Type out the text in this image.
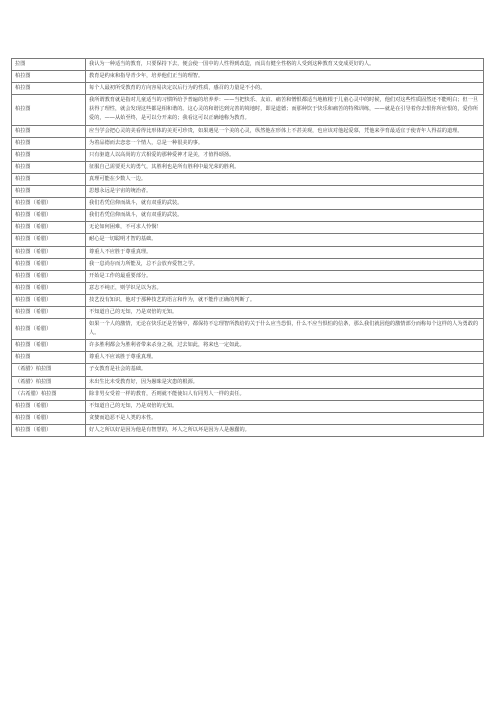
拉图	我认为一种适当的教育，只要保持下去，便会使一国中的人性得到改造，而具有健全性格的人受到这种教育又变成更好的人。
柏拉图	教育是约束和指导青少年，培养他们正当的理智。
柏拉图	每个人最初所受教育的方向容易决定以后行为的性质，感召的力量是不小的。
柏拉图	我所谓教育就是指对儿童适当的习惯所给予普遍的培养养：——当把快乐、友谊、痛苦和憎恨都适当地植根于儿童心灵中的时候，他们对这些性质固然还不能明白；但一旦获得了理性，就会发现这些都是相和谐的。这心灵的和谐达到完善的境地时，即是道德；而那种饮于快乐和痛苦的特殊训练，——就是在引导着你去恨你所应恨的，爱你所爱的，——从始至终，是可以分开来的；我看这可以正确地称为教育。
柏拉图	应当学会把心灵的美看得比形体的美更可珍贵，如果遇见一个美的心灵，纵然他在形体上不甚美观，也应该对他起爱慕，凭他来孕育最适宜于使青年人得益的道理。
柏拉图	为着品德而去恋恋一个情人，总是一种很美的事。
柏拉图	只有驱遣人以高尚的方式相爱的那种爱神才是美，才值得颂扬。
柏拉图	征服自己需要更大的勇气，其胜利也是所有胜利中最光荣的胜利。
柏拉图	真理可能在少数人一边。
柏拉图	思想永远是宇宙的统治者。
柏拉图（希腊）	我们若凭信仰而战斗，就有双重的武装。
柏拉图（希腊）	我们若凭信仰而战斗，就有双重的武装。
柏拉图（希腊）	无论如何困难，不可求人怜悯！
柏拉图（希腊）	耐心是一切聪明才智的基础。
柏拉图（希腊）	尊重人不应胜于尊重真理。
柏拉图（希腊）	我一息尚存而力所能及，总不会放弃爱智之学。
柏拉图（希腊）	开始是工作的最重要部分。
柏拉图（希腊）	意志不纯正，则学识足以为害。
柏拉图（希腊）	技艺没有知识，他对于那种技艺的语言和作为，就不能作正确的判断了。
柏拉图（希腊）	不知道自己的无知，乃是双倍的无知。
柏拉图（希腊）	如果一个人的激情，无论在快乐还是苦恼中，都保持不忘理智所教给的关于什么应当恐惧，什么不应当惧怕的信条，那么我们就因他的激情部分而称每个这样的人为勇敢的人。
柏拉图（希腊）	许多胜利都会为胜利者带来杀身之祸，过去如此，将来也一定如此。
柏拉图	尊重人不应该胜于尊重真理。
（希腊）柏拉图	子女教育是社会的基础。
（希腊）柏拉图	未出生比未受教育好，因为愚昧是灾患的根源。
（古希腊）柏拉图	除非男女受着一样的教育，否则就不能使妇人有同男人一样的责任。
柏拉图（希腊）	不知道自己的无知，乃是双倍的无知。
柏拉图（希腊）	贪婪而趋恶不是人类的本性。
柏拉图（希腊）	好人之所以好是因为他是有智慧的，坏人之所以坏是因为人是愚蠢的。
